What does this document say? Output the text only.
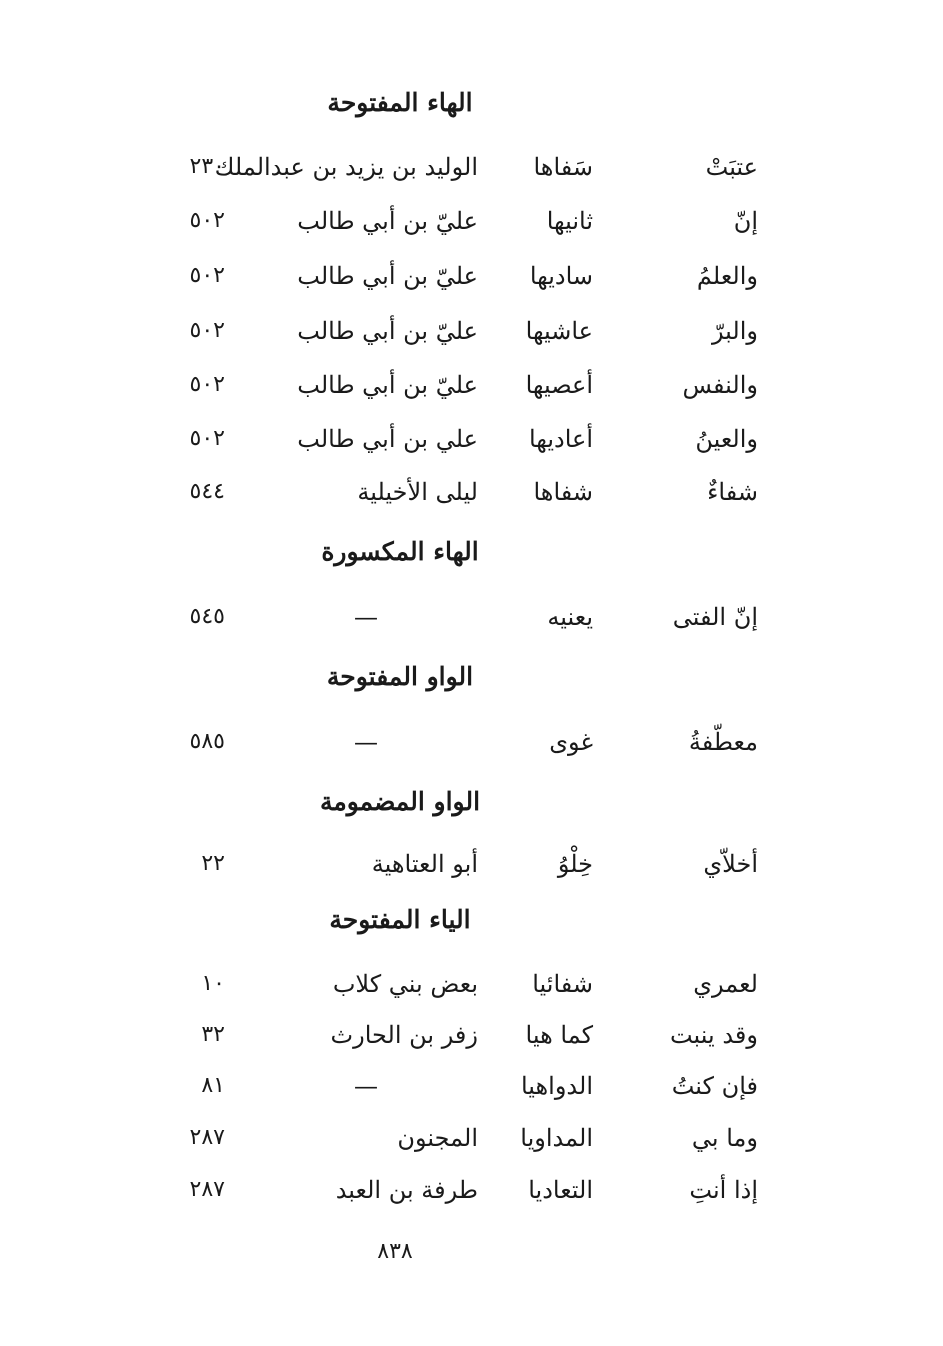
الهاء المفتوحة
عتبَتْ
سَفاها
الوليد بن يزيد بن عبدالملك
٢٣٠
إنّ
ثانيها
عليّ بن أبي طالب
٥٠٢
والعلمُ
ساديها
عليّ بن أبي طالب
٥٠٢
والبرّ
عاشيها
عليّ بن أبي طالب
٥٠٢
والنفس
أعصيها
عليّ بن أبي طالب
٥٠٢
والعينُ
أعاديها
علي بن أبي طالب
٥٠٢
شفاءٌ
شفاها
ليلى الأخيلية
٥٤٤
الهاء المكسورة
إنّ الفتى
يعنيه
—
٥٤٥
الواو المفتوحة
معطّفةُ
غوى
—
٥٨٥
الواو المضمومة
أخلاّي
خِلْوُ
أبو العتاهية
٢٢
الياء المفتوحة
لعمري
شفائيا
بعض بني كلاب
١٠
وقد ينبت
كما هيا
زفر بن الحارث
٣٢
فإن كنتُ
الدواهيا
—
٨١
وما بي
المداويا
المجنون
٢٨٧
إذا أنتِ
التعاديا
طرفة بن العبد
٢٨٧
٨٣٨
